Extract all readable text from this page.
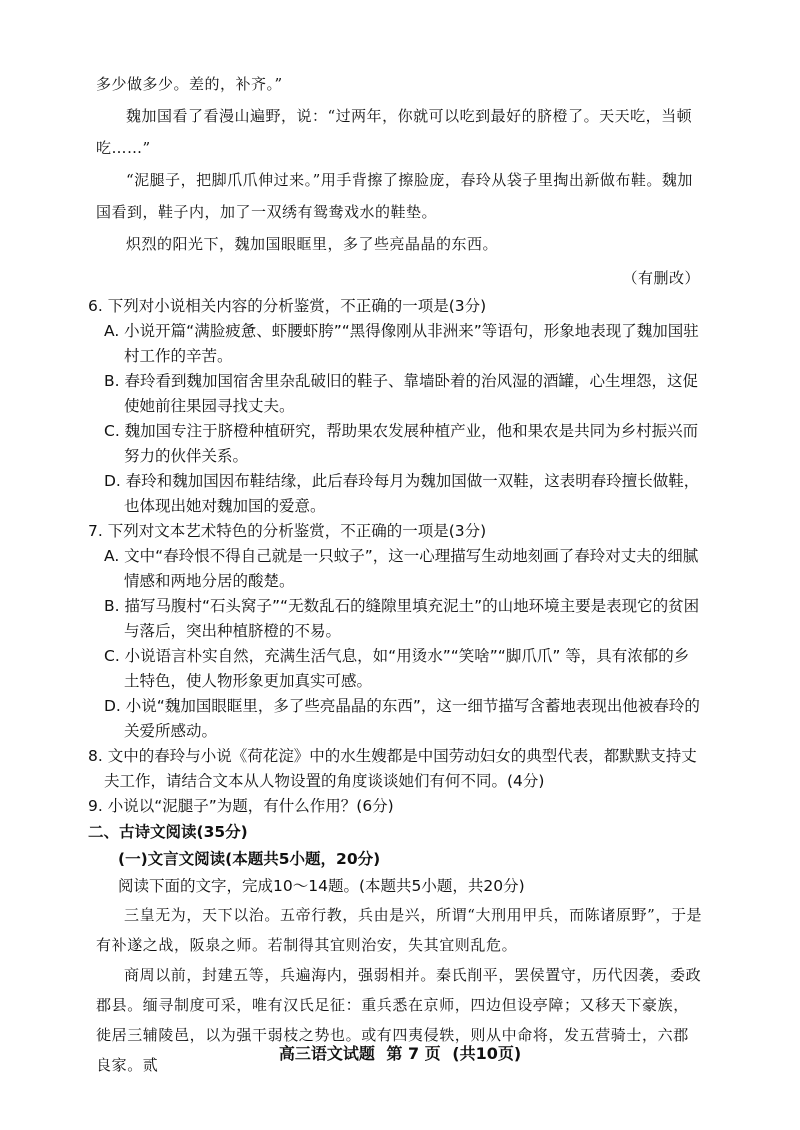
多少做多少。差的，补齐。”

魏加国看了看漫山遍野，说：“过两年，你就可以吃到最好的脐橙了。天天吃，当顿吃……”

“泥腿子，把脚爪爪伸过来。”用手背擦了擦脸庞，春玲从袋子里掏出新做布鞋。魏加国看到，鞋子内，加了一双绣有鸳鸯戏水的鞋垫。

炽烈的阳光下，魏加国眼眶里，多了些亮晶晶的东西。

（有删改）

6. 下列对小说相关内容的分析鉴赏，不正确的一项是(3分)

A. 小说开篇“满脸疲惫、虾腰虾胯”“黑得像刚从非洲来”等语句，形象地表现了魏加国驻村工作的辛苦。

B. 春玲看到魏加国宿舍里杂乱破旧的鞋子、靠墙卧着的治风湿的酒罐，心生埋怨，这促使她前往果园寻找丈夫。

C. 魏加国专注于脐橙种植研究，帮助果农发展种植产业，他和果农是共同为乡村振兴而努力的伙伴关系。

D. 春玲和魏加国因布鞋结缘，此后春玲每月为魏加国做一双鞋，这表明春玲擅长做鞋，也体现出她对魏加国的爱意。

7. 下列对文本艺术特色的分析鉴赏，不正确的一项是(3分)

A. 文中“春玲恨不得自己就是一只蚊子”，这一心理描写生动地刻画了春玲对丈夫的细腻情感和两地分居的酸楚。

B. 描写马腹村“石头窝子”“无数乱石的缝隙里填充泥土”的山地环境主要是表现它的贫困与落后，突出种植脐橙的不易。

C. 小说语言朴实自然，充满生活气息，如“用烫水”“笑啥”“脚爪爪” 等，具有浓郁的乡土特色，使人物形象更加真实可感。

D. 小说“魏加国眼眶里，多了些亮晶晶的东西”，这一细节描写含蓄地表现出他被春玲的关爱所感动。

8. 文中的春玲与小说《荷花淀》中的水生嫂都是中国劳动妇女的典型代表，都默默支持丈夫工作，请结合文本从人物设置的角度谈谈她们有何不同。(4分)

9. 小说以“泥腿子”为题，有什么作用？(6分)

二、古诗文阅读(35分)

(一)文言文阅读(本题共5小题，20分)

阅读下面的文字，完成10～14题。(本题共5小题，共20分)

三皇无为，天下以治。五帝行教，兵由是兴，所谓“大刑用甲兵，而陈诸原野”，于是有补遂之战，阪泉之师。若制得其宜则治安，失其宜则乱危。

商周以前，封建五等，兵遍海内，强弱相并。秦氏削平，罢侯置守，历代因袭，委政郡县。缅寻制度可采，唯有汉氏足征：重兵悉在京师，四边但设亭障；又移天下豪族，徙居三辅陵邑，以为强干弱枝之势也。或有四夷侵轶，则从中命将，发五营骑士，六郡良家。贰

高三语文试题 第 7 页 (共10页)
